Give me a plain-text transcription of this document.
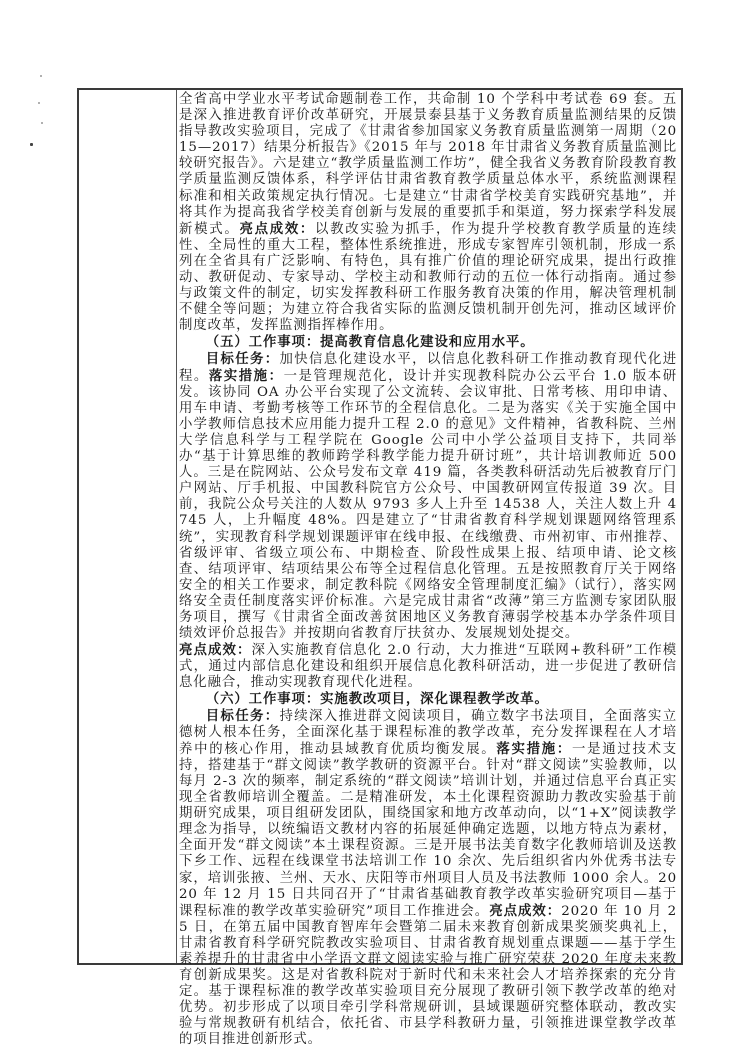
全省高中学业水平考试命题制卷工作，共命制 10 个学科中考试卷 69 套。五是深入推进教育评价改革研究，开展景泰县基于义务教育质量监测结果的反馈指导教改实验项目，完成了《甘肃省参加国家义务教育质量监测第一周期（2015—2017）结果分析报告》《2015 年与 2018 年甘肃省义务教育质量监测比较研究报告》。六是建立“教学质量监测工作坊”，健全我省义务教育阶段教育教学质量监测反馈体系，科学评估甘肃省教育教学质量总体水平，系统监测课程标准和相关政策规定执行情况。七是建立“甘肃省学校美育实践研究基地”，并将其作为提高我省学校美育创新与发展的重要抓手和渠道，努力探索学科发展新模式。亮点成效：以教改实验为抓手，作为提升学校教育教学质量的连续性、全局性的重大工程，整体性系统推进，形成专家智库引领机制，形成一系列在全省具有广泛影响、有特色，具有推广价值的理论研究成果，提出行政推动、教研促动、专家导动、学校主动和教师行动的五位一体行动指南。通过参与政策文件的制定，切实发挥教科研工作服务教育决策的作用，解决管理机制不健全等问题；为建立符合我省实际的监测反馈机制开创先河，推动区域评价制度改革，发挥监测指挥棒作用。

（五）工作事项：提高教育信息化建设和应用水平。

目标任务：加快信息化建设水平，以信息化教科研工作推动教育现代化进程。落实措施：一是管理规范化，设计并实现教科院办公云平台 1.0 版本研发。该协同 OA 办公平台实现了公文流转、会议审批、日常考核、用印申请、用车申请、考勤考核等工作环节的全程信息化。二是为落实《关于实施全国中小学教师信息技术应用能力提升工程 2.0 的意见》文件精神，省教科院、兰州大学信息科学与工程学院在 Google 公司中小学公益项目支持下，共同举办“基于计算思维的教师跨学科教学能力提升研讨班”，共计培训教师近 500 人。三是在院网站、公众号发布文章 419 篇，各类教科研活动先后被教育厅门户网站、厅手机报、中国教科院官方公众号、中国教研网宣传报道 39 次。目前，我院公众号关注的人数从 9793 多人上升至 14538 人，关注人数上升 4745 人，上升幅度 48%。四是建立了“甘肃省教育科学规划课题网络管理系统”，实现教育科学规划课题评审在线申报、在线缴费、市州初审、市州推荐、省级评审、省级立项公布、中期检查、阶段性成果上报、结项申请、论文核查、结项评审、结项结果公布等全过程信息化管理。五是按照教育厅关于网络安全的相关工作要求，制定教科院《网络安全管理制度汇编》（试行），落实网络安全责任制度落实评价标准。六是完成甘肃省“改薄”第三方监测专家团队服务项目，撰写《甘肃省全面改善贫困地区义务教育薄弱学校基本办学条件项目绩效评价总报告》并按期向省教育厅扶贫办、发展规划处提交。

亮点成效：深入实施教育信息化 2.0 行动，大力推进“互联网+教科研”工作模式，通过内部信息化建设和组织开展信息化教科研活动，进一步促进了教研信息化融合，推动实现教育现代化进程。

（六）工作事项：实施教改项目，深化课程教学改革。

目标任务：持续深入推进群文阅读项目，确立数字书法项目，全面落实立德树人根本任务，全面深化基于课程标准的教学改革，充分发挥课程在人才培养中的核心作用，推动县域教育优质均衡发展。落实措施：一是通过技术支持，搭建基于“群文阅读”教学教研的资源平台。针对“群文阅读”实验教师，以每月 2-3 次的频率，制定系统的“群文阅读”培训计划，并通过信息平台真正实现全省教师培训全覆盖。二是精准研发，本土化课程资源助力教改实验基于前期研究成果，项目组研发团队，围绕国家和地方改革动向，以“1+X”阅读教学理念为指导，以统编语文教材内容的拓展延伸确定选题，以地方特点为素材，全面开发“群文阅读”本土课程资源。三是开展书法美育数字化教师培训及送教下乡工作、远程在线课堂书法培训工作 10 余次、先后组织省内外优秀书法专家，培训张掖、兰州、天水、庆阳等市州项目人员及书法教师 1000 余人。2020 年 12 月 15 日共同召开了“甘肃省基础教育教学改革实验研究项目—基于课程标准的教学改革实验研究”项目工作推进会。亮点成效：2020 年 10 月 25 日，在第五届中国教育智库年会暨第二届未来教育创新成果奖颁奖典礼上，甘肃省教育科学研究院教改实验项目、甘肃省教育规划重点课题——基于学生素养提升的甘肃省中小学语文群文阅读实验与推广研究荣获 2020 年度未来教育创新成果奖。这是对省教科院对于新时代和未来社会人才培养探索的充分肯定。基于课程标准的教学改革实验项目充分展现了教研引领下教学改革的绝对优势。初步形成了以项目牵引学科常规研训，县域课题研究整体联动，教改实验与常规教研有机结合，依托省、市县学科教研力量，引领推进课堂教学改革的项目推进创新形式。
